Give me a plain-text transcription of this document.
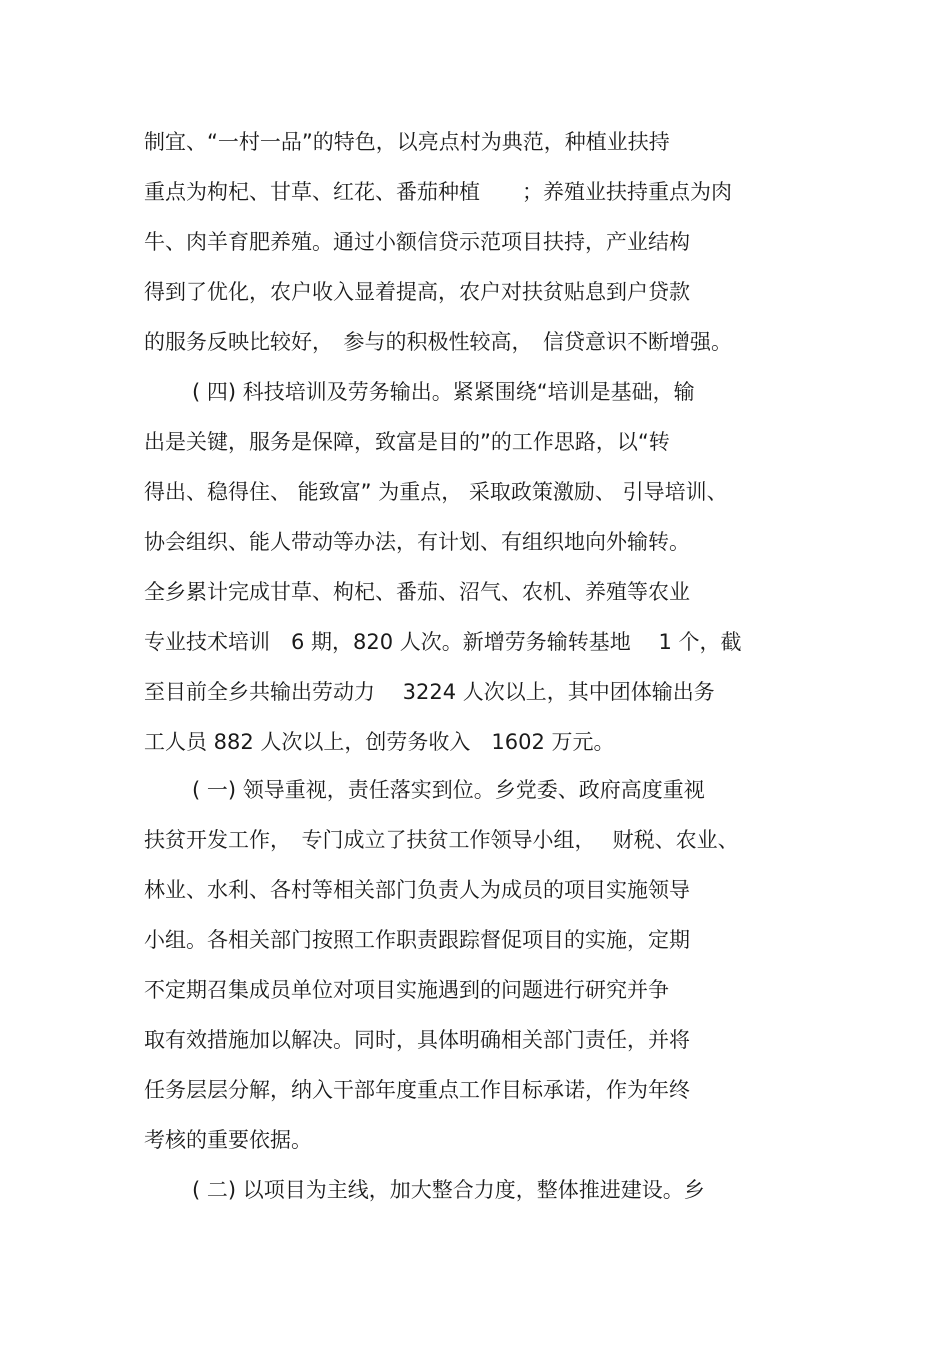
制宜、“一村一品”的特色，以亮点村为典范，种植业扶持

重点为枸杞、甘草、红花、番茄种植　　；养殖业扶持重点为肉

牛、肉羊育肥养殖。通过小额信贷示范项目扶持，产业结构

得到了优化，农户收入显着提高，农户对扶贫贴息到户贷款

的服务反映比较好，　参与的积极性较高，　信贷意识不断增强。

( 四) 科技培训及劳务输出。紧紧围绕“培训是基础，输

出是关键，服务是保障，致富是目的”的工作思路，以“转

得出、稳得住、 能致富” 为重点， 采取政策激励、 引导培训、

协会组织、能人带动等办法，有计划、有组织地向外输转。

全乡累计完成甘草、枸杞、番茄、沼气、农机、养殖等农业

专业技术培训　6 期，820 人次。新增劳务输转基地　 1 个，截

至目前全乡共输出劳动力　 3224 人次以上，其中团体输出务

工人员 882 人次以上，创劳务收入　1602 万元。

( 一) 领导重视，责任落实到位。乡党委、政府高度重视

扶贫开发工作，　专门成立了扶贫工作领导小组，　 财税、农业、

林业、水利、各村等相关部门负责人为成员的项目实施领导

小组。各相关部门按照工作职责跟踪督促项目的实施，定期

不定期召集成员单位对项目实施遇到的问题进行研究并争

取有效措施加以解决。同时，具体明确相关部门责任，并将

任务层层分解，纳入干部年度重点工作目标承诺，作为年终

考核的重要依据。

( 二) 以项目为主线，加大整合力度，整体推进建设。乡
